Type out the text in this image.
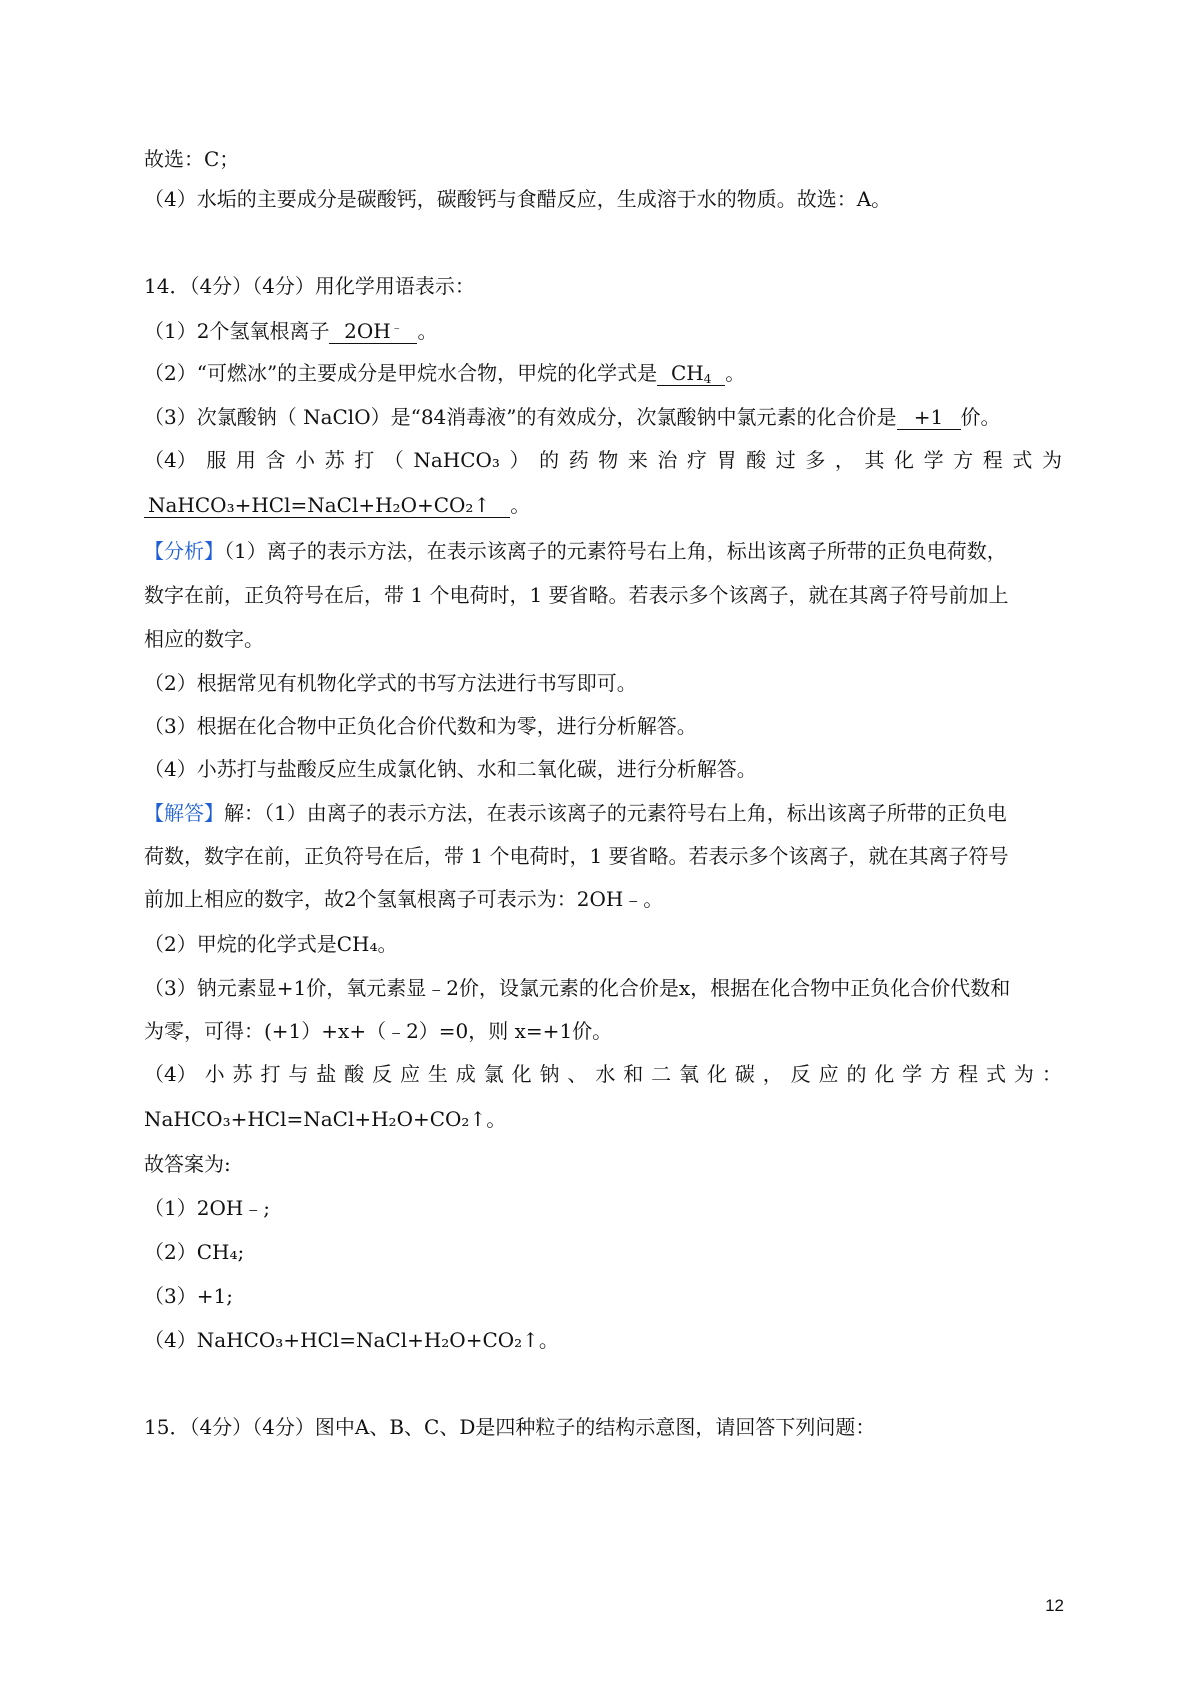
故选：C；
（4）水垢的主要成分是碳酸钙，碳酸钙与食醋反应，生成溶于水的物质。故选：A。
14．（4分）（4分）用化学用语表示：
（1）2个氢氧根离子 2OH﹣ 。
（2）“可燃冰”的主要成分是甲烷水合物，甲烷的化学式是 $CH_4$ 。
（3）次氯酸钠（ NaClO）是“84消毒液”的有效成分，次氯酸钠中氯元素的化合价是 +1 价。
（4） 服 用 含 小 苏 打 （ NaHCO₃ ） 的 药 物 来 治 疗 胃 酸 过 多 ， 其 化 学 方 程 式 为
NaHCO₃+HCl=NaCl+H₂O+CO₂↑ 。
【分析】（1）离子的表示方法，在表示该离子的元素符号右上角，标出该离子所带的正负电荷数，
数字在前，正负符号在后，带 1 个电荷时，1 要省略。若表示多个该离子，就在其离子符号前加上
相应的数字。
（2）根据常见有机物化学式的书写方法进行书写即可。
（3）根据在化合物中正负化合价代数和为零，进行分析解答。
（4）小苏打与盐酸反应生成氯化钠、水和二氧化碳，进行分析解答。
【解答】解：（1）由离子的表示方法，在表示该离子的元素符号右上角，标出该离子所带的正负电
荷数，数字在前，正负符号在后，带 1 个电荷时，1 要省略。若表示多个该离子，就在其离子符号
前加上相应的数字，故2个氢氧根离子可表示为：2OH﹣。
（2）甲烷的化学式是CH₄。
（3）钠元素显+1价，氧元素显﹣2价，设氯元素的化合价是x，根据在化合物中正负化合价代数和
为零，可得：(+1）+x+（﹣2）=0，则 x=+1价。
（4） 小 苏 打 与 盐 酸 反 应 生 成 氯 化 钠 、 水 和 二 氧 化 碳 ， 反 应 的 化 学 方 程 式 为 ：
NaHCO₃+HCl=NaCl+H₂O+CO₂↑。
故答案为:
（1）2OH﹣;
（2）CH₄;
（3）+1;
（4）NaHCO₃+HCl=NaCl+H₂O+CO₂↑。
15．（4分）（4分）图中A、B、C、D是四种粒子的结构示意图，请回答下列问题：
12
